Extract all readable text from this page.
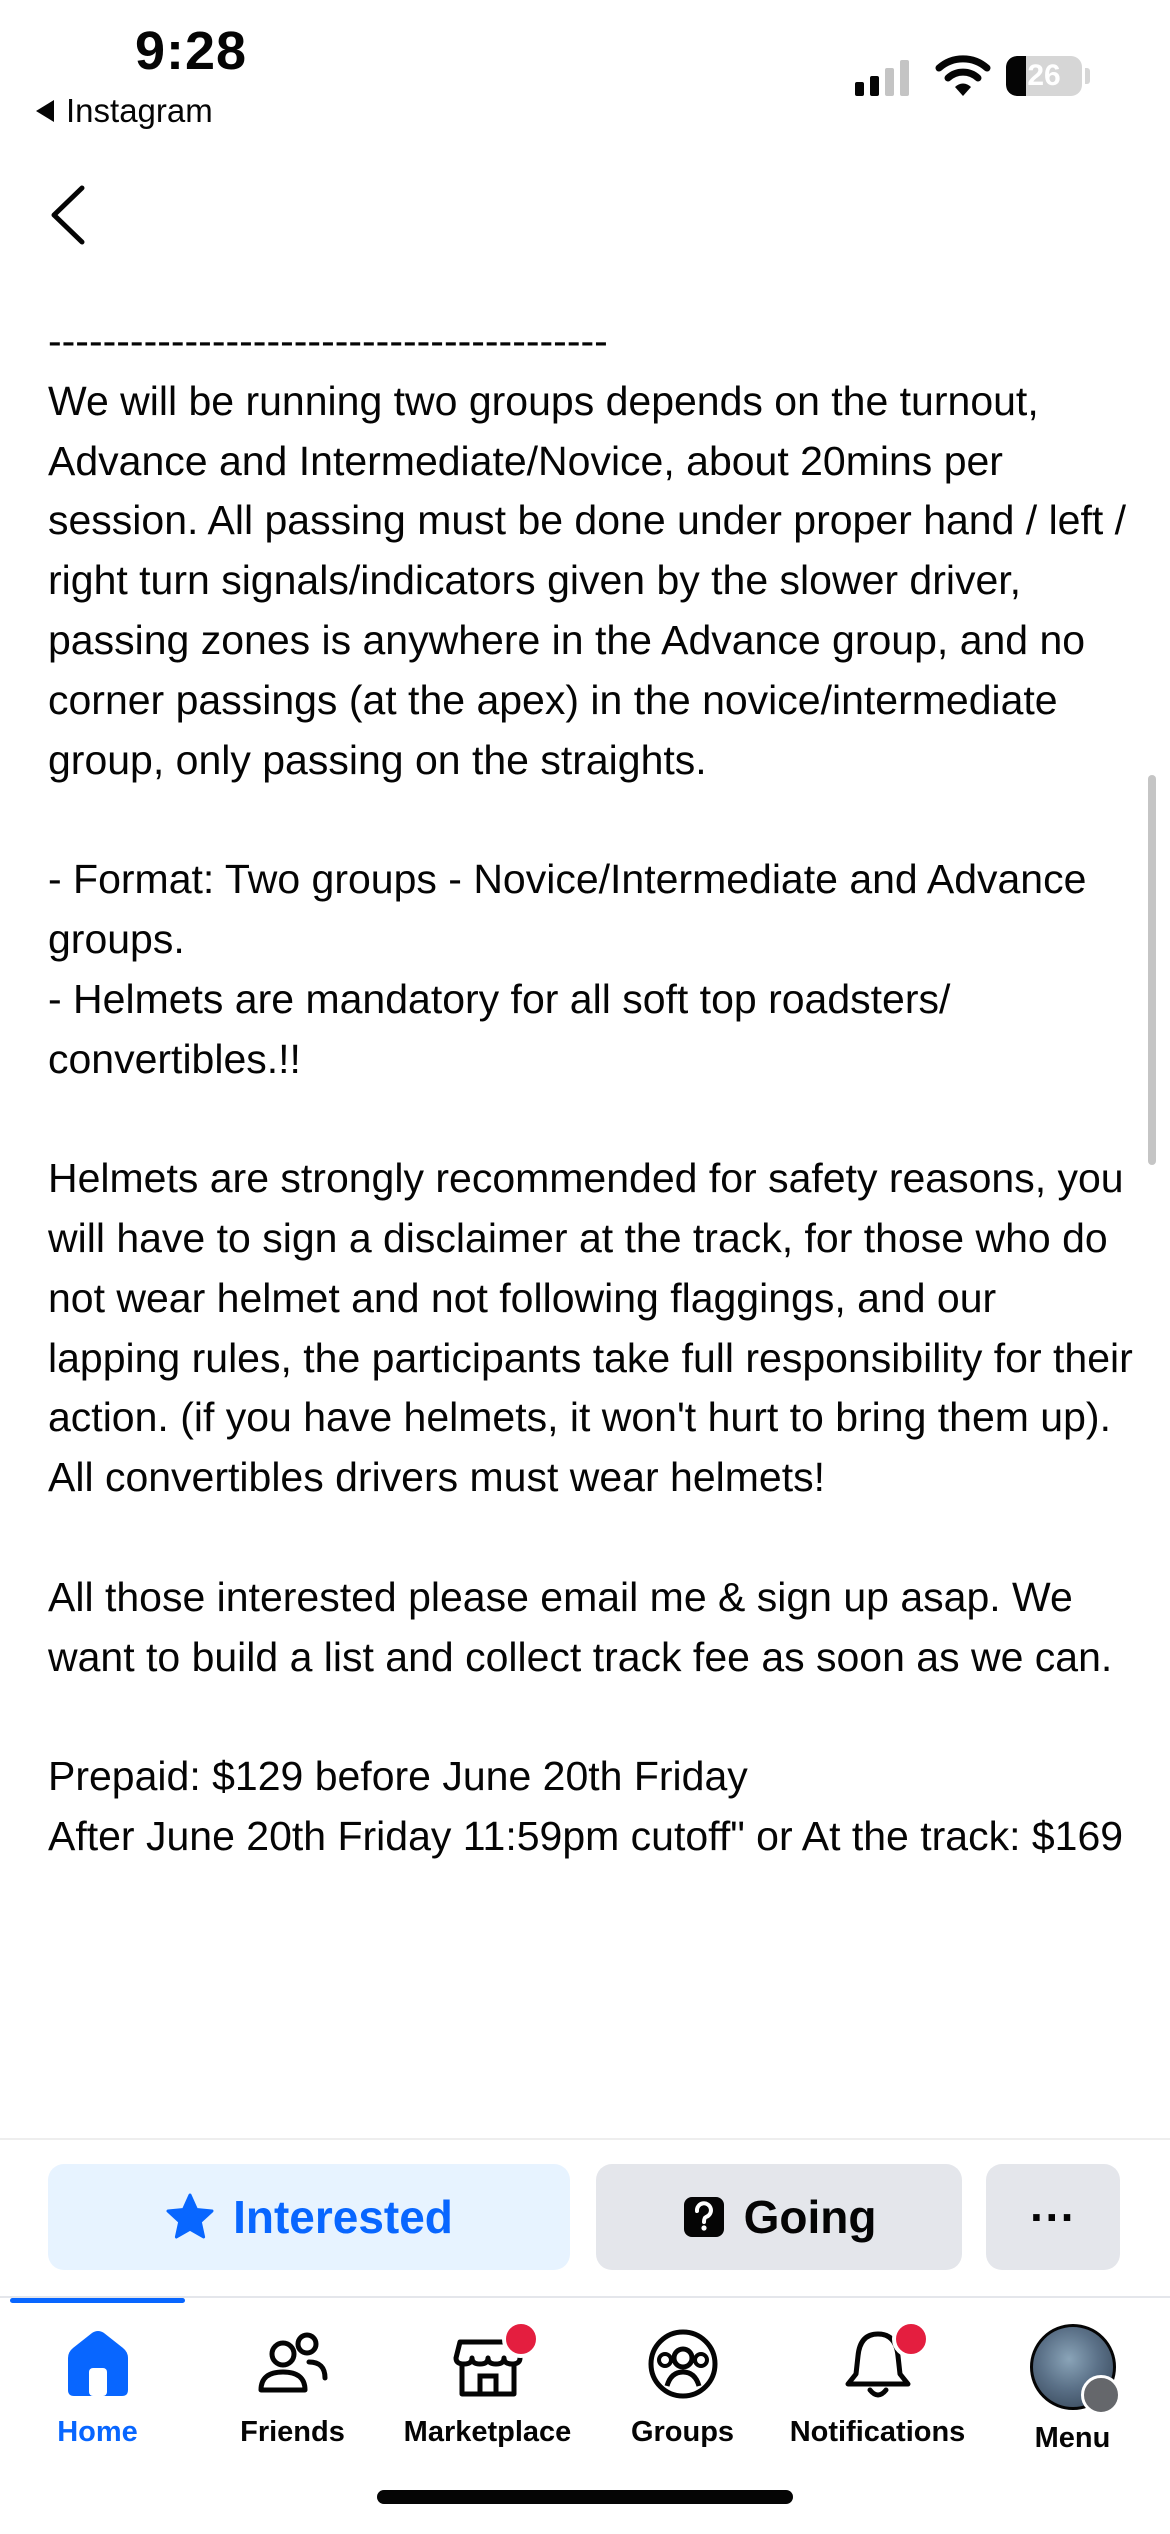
9:28
Instagram
26
-----------------------------------------
We will be running two groups depends on the turnout, Advance and Intermediate/Novice, about 20mins per session. All passing must be done under proper hand / left / right turn signals/indicators given by the slower driver, passing zones is anywhere in the Advance group, and no corner passings (at the apex) in the novice/intermediate group, only passing on the straights.

- Format: Two groups - Novice/Intermediate and Advance groups.
- Helmets are mandatory for all soft top roadsters/ convertibles.!!

Helmets are strongly recommended for safety reasons, you will have to sign a disclaimer at the track, for those who do not wear helmet and not following flaggings, and our lapping rules, the participants take full responsibility for their action. (if you have helmets, it won't hurt to bring them up). All convertibles drivers must wear helmets!

All those interested please email me & sign up asap. We want to build a list and collect track fee as soon as we can.

Prepaid: $129 before June 20th Friday
After June 20th Friday 11:59pm cutoff" or At the track: $169
Interested	Going	···
Home	Friends	Marketplace	Groups	Notifications	Menu
